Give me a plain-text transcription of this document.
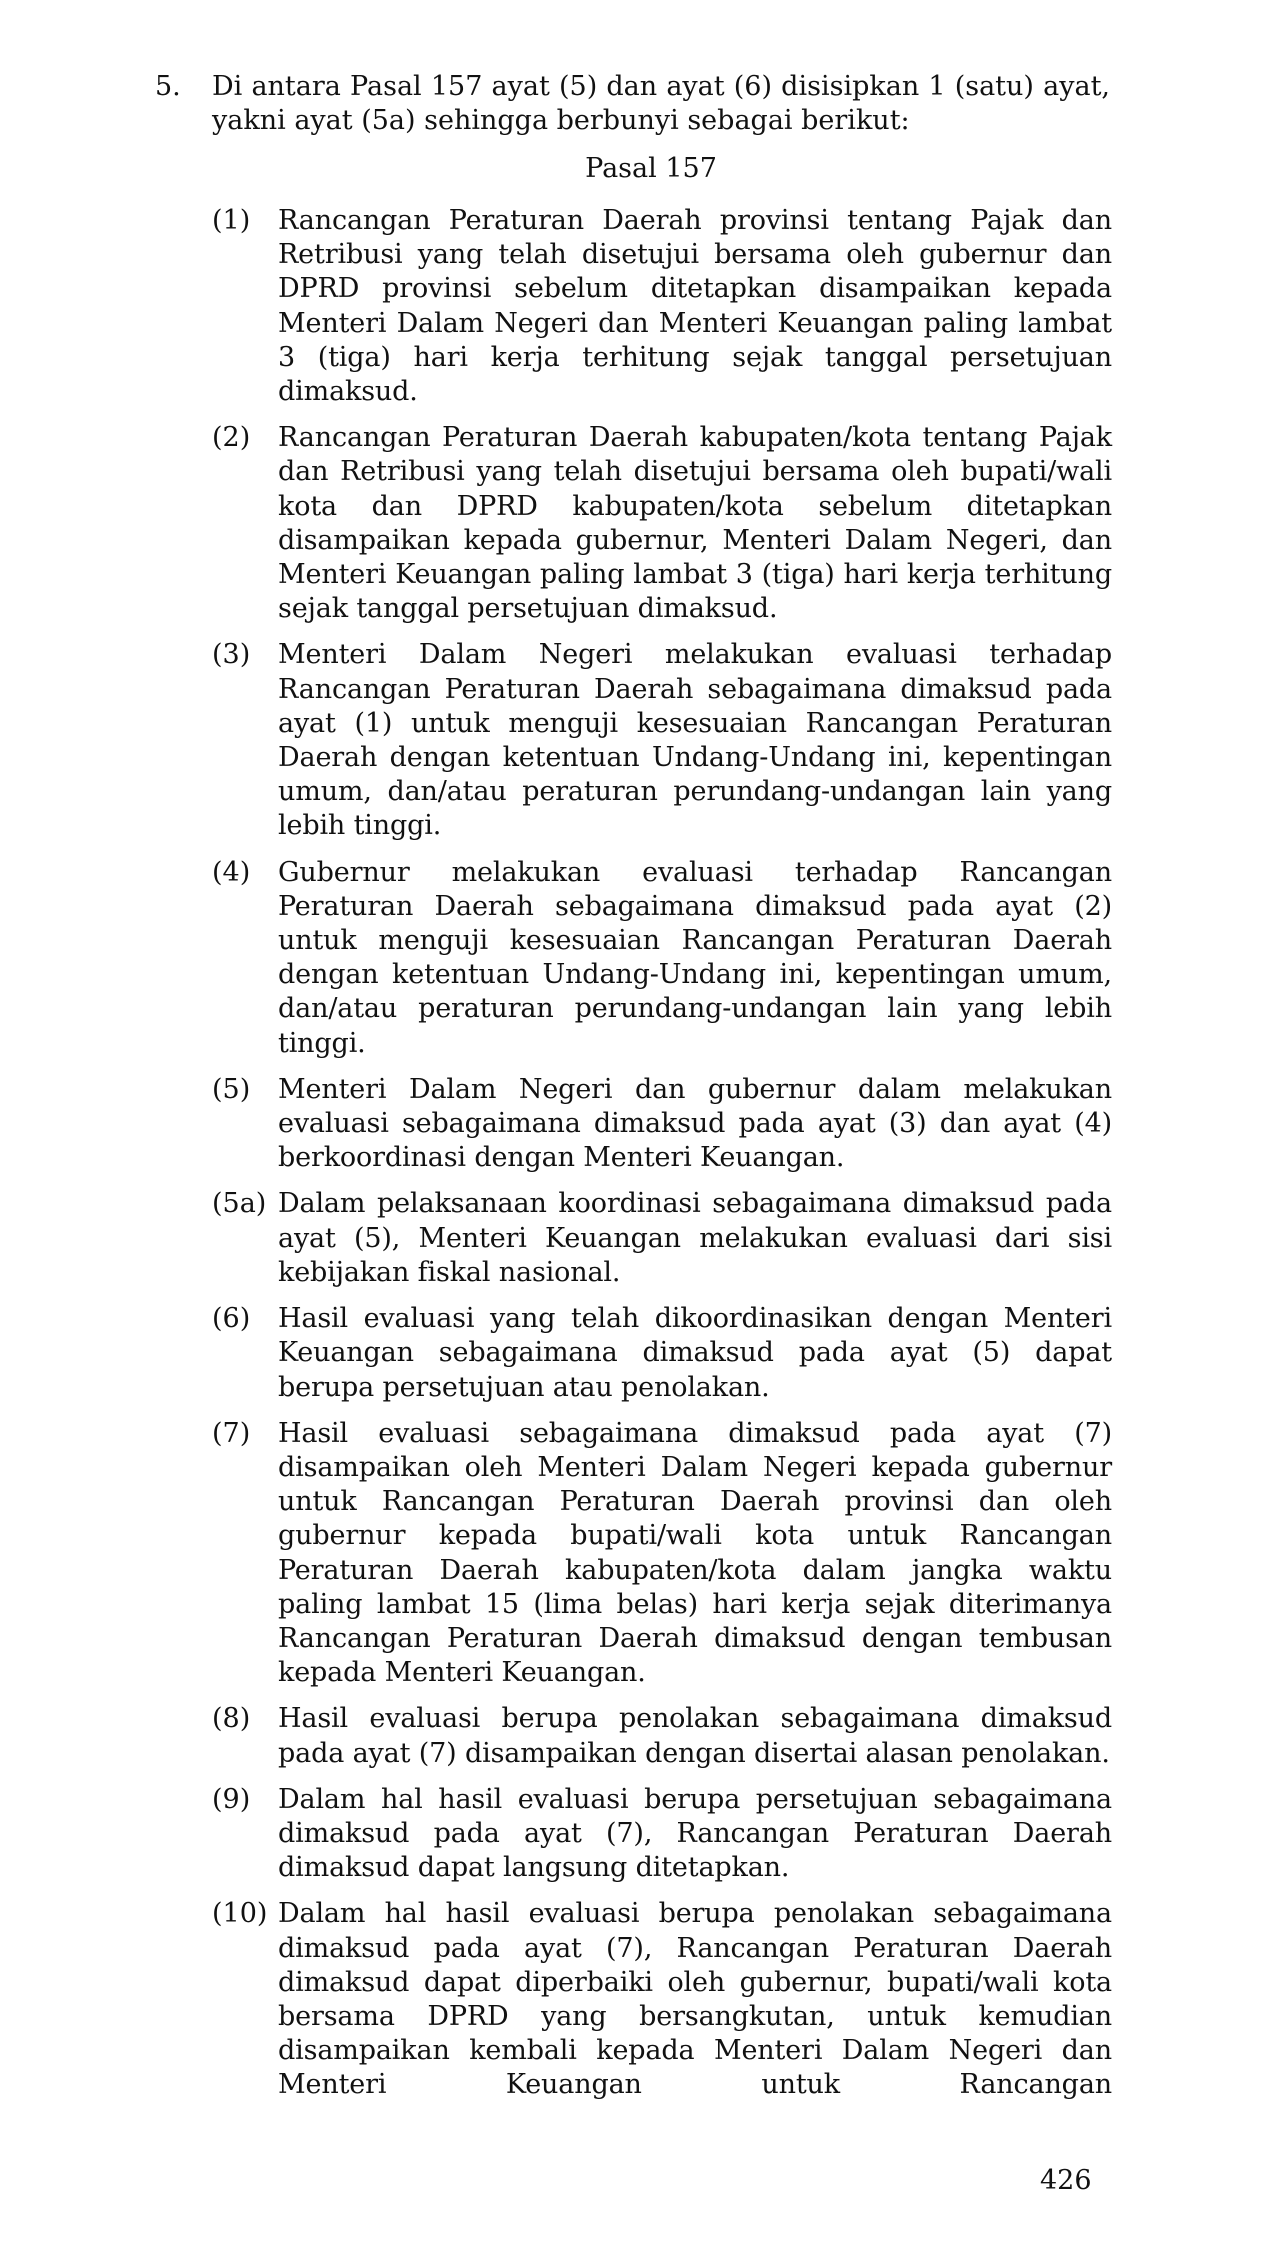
5. Di antara Pasal 157 ayat (5) dan ayat (6) disisipkan 1 (satu) ayat, yakni ayat (5a) sehingga berbunyi sebagai berikut:
Pasal 157
(1) Rancangan Peraturan Daerah provinsi tentang Pajak dan Retribusi yang telah disetujui bersama oleh gubernur dan DPRD provinsi sebelum ditetapkan disampaikan kepada Menteri Dalam Negeri dan Menteri Keuangan paling lambat 3 (tiga) hari kerja terhitung sejak tanggal persetujuan dimaksud.
(2) Rancangan Peraturan Daerah kabupaten/kota tentang Pajak dan Retribusi yang telah disetujui bersama oleh bupati/wali kota dan DPRD kabupaten/kota sebelum ditetapkan disampaikan kepada gubernur, Menteri Dalam Negeri, dan Menteri Keuangan paling lambat 3 (tiga) hari kerja terhitung sejak tanggal persetujuan dimaksud.
(3) Menteri Dalam Negeri melakukan evaluasi terhadap Rancangan Peraturan Daerah sebagaimana dimaksud pada ayat (1) untuk menguji kesesuaian Rancangan Peraturan Daerah dengan ketentuan Undang-Undang ini, kepentingan umum, dan/atau peraturan perundang-undangan lain yang lebih tinggi.
(4) Gubernur melakukan evaluasi terhadap Rancangan Peraturan Daerah sebagaimana dimaksud pada ayat (2) untuk menguji kesesuaian Rancangan Peraturan Daerah dengan ketentuan Undang-Undang ini, kepentingan umum, dan/atau peraturan perundang-undangan lain yang lebih tinggi.
(5) Menteri Dalam Negeri dan gubernur dalam melakukan evaluasi sebagaimana dimaksud pada ayat (3) dan ayat (4) berkoordinasi dengan Menteri Keuangan.
(5a) Dalam pelaksanaan koordinasi sebagaimana dimaksud pada ayat (5), Menteri Keuangan melakukan evaluasi dari sisi kebijakan fiskal nasional.
(6) Hasil evaluasi yang telah dikoordinasikan dengan Menteri Keuangan sebagaimana dimaksud pada ayat (5) dapat berupa persetujuan atau penolakan.
(7) Hasil evaluasi sebagaimana dimaksud pada ayat (7) disampaikan oleh Menteri Dalam Negeri kepada gubernur untuk Rancangan Peraturan Daerah provinsi dan oleh gubernur kepada bupati/wali kota untuk Rancangan Peraturan Daerah kabupaten/kota dalam jangka waktu paling lambat 15 (lima belas) hari kerja sejak diterimanya Rancangan Peraturan Daerah dimaksud dengan tembusan kepada Menteri Keuangan.
(8) Hasil evaluasi berupa penolakan sebagaimana dimaksud pada ayat (7) disampaikan dengan disertai alasan penolakan.
(9) Dalam hal hasil evaluasi berupa persetujuan sebagaimana dimaksud pada ayat (7), Rancangan Peraturan Daerah dimaksud dapat langsung ditetapkan.
(10) Dalam hal hasil evaluasi berupa penolakan sebagaimana dimaksud pada ayat (7), Rancangan Peraturan Daerah dimaksud dapat diperbaiki oleh gubernur, bupati/wali kota bersama DPRD yang bersangkutan, untuk kemudian disampaikan kembali kepada Menteri Dalam Negeri dan Menteri Keuangan untuk Rancangan
426
